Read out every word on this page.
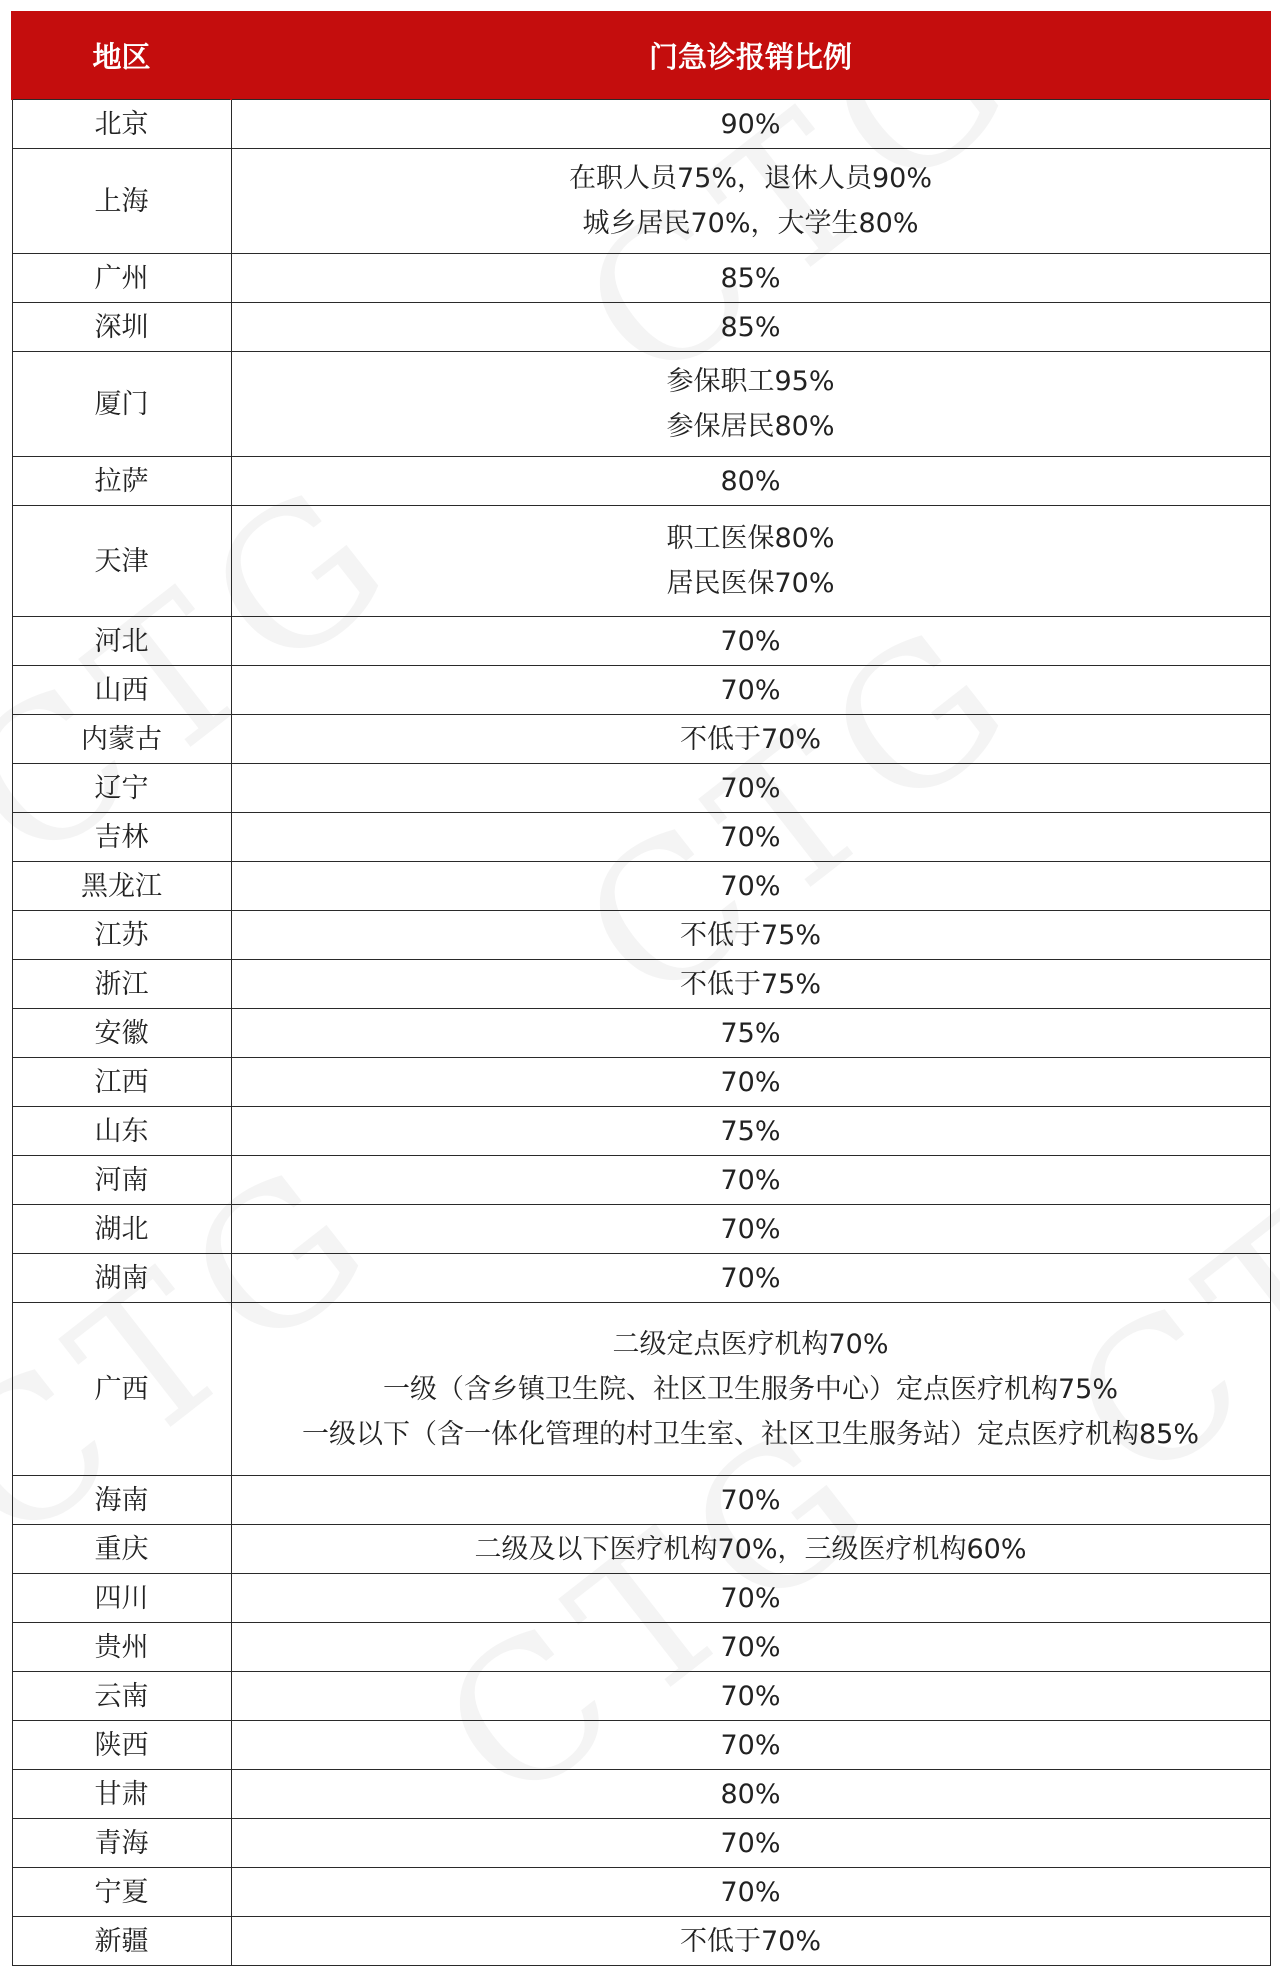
地区	门急诊报销比例
北京	90%

上海	在职人员75%，退休人员90%
城乡居民70%，大学生80%

广州	85%

深圳	85%

厦门	参保职工95%
参保居民80%

拉萨	80%

天津	职工医保80%
居民医保70%

河北	70%

山西	70%

内蒙古	不低于70%

辽宁	70%

吉林	70%

黑龙江	70%

江苏	不低于75%

浙江	不低于75%

安徽	75%

江西	70%

山东	75%

河南	70%

湖北	70%

湖南	70%

广西	二级定点医疗机构70%
一级（含乡镇卫生院、社区卫生服务中心）定点医疗机构75%
一级以下（含一体化管理的村卫生室、社区卫生服务站）定点医疗机构85%

海南	70%

重庆	二级及以下医疗机构70%，三级医疗机构60%

四川	70%

贵州	70%

云南	70%

陕西	70%

甘肃	80%

青海	70%

宁夏	70%

新疆	不低于70%
